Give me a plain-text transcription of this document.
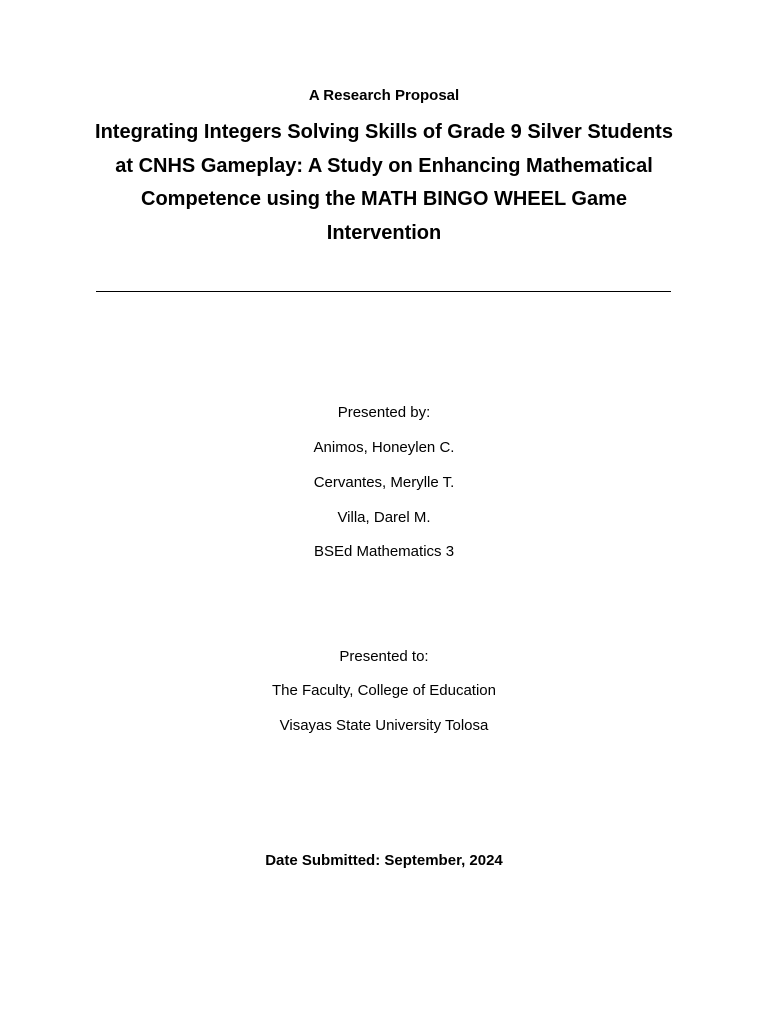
A Research Proposal
Integrating Integers Solving Skills of Grade 9 Silver Students at CNHS Gameplay: A Study on Enhancing Mathematical Competence using the MATH BINGO WHEEL Game Intervention
Presented by:
Animos, Honeylen C.
Cervantes, Merylle T.
Villa, Darel M.
BSEd Mathematics 3
Presented to:
The Faculty, College of Education
Visayas State University Tolosa
Date Submitted: September, 2024
